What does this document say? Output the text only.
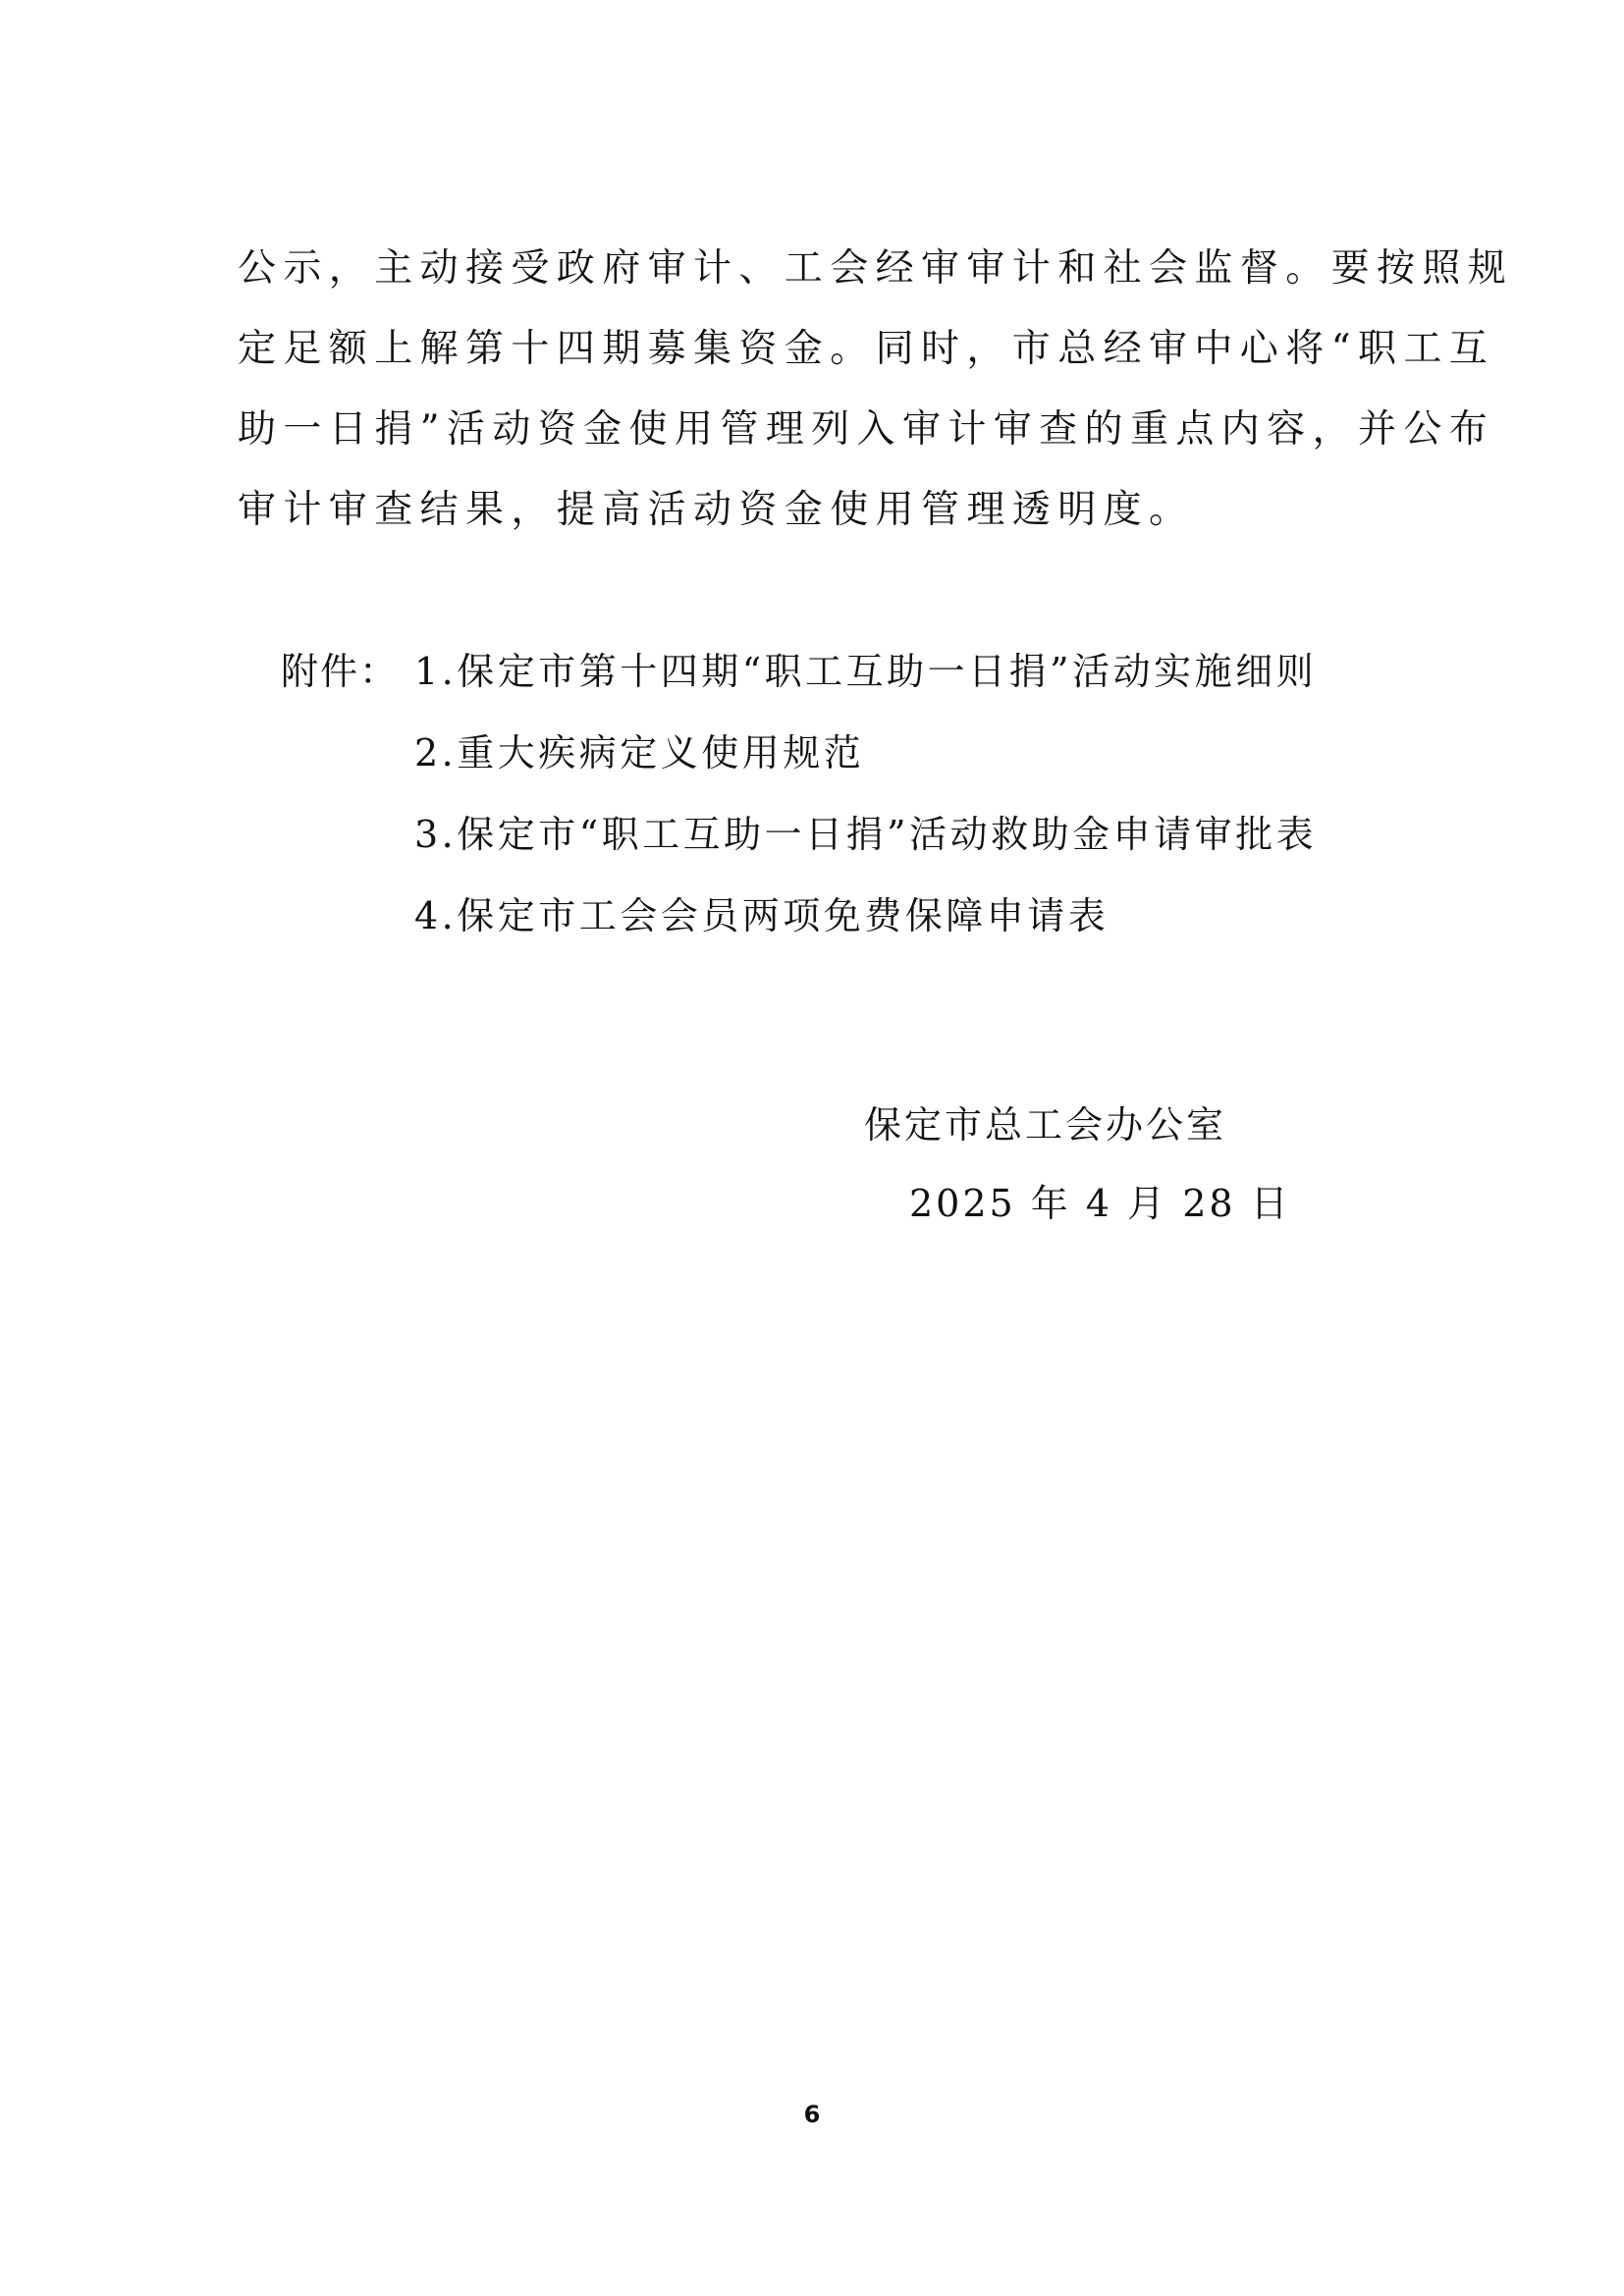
公示，主动接受政府审计、工会经审审计和社会监督。要按照规
定足额上解第十四期募集资金。同时，市总经审中心将“职工互
助一日捐”活动资金使用管理列入审计审查的重点内容，并公布
审计审查结果，提高活动资金使用管理透明度。
附件： 1.保定市第十四期“职工互助一日捐”活动实施细则
2.重大疾病定义使用规范
3.保定市“职工互助一日捐”活动救助金申请审批表
4.保定市工会会员两项免费保障申请表
保定市总工会办公室
2025 年 4 月 28 日
6
